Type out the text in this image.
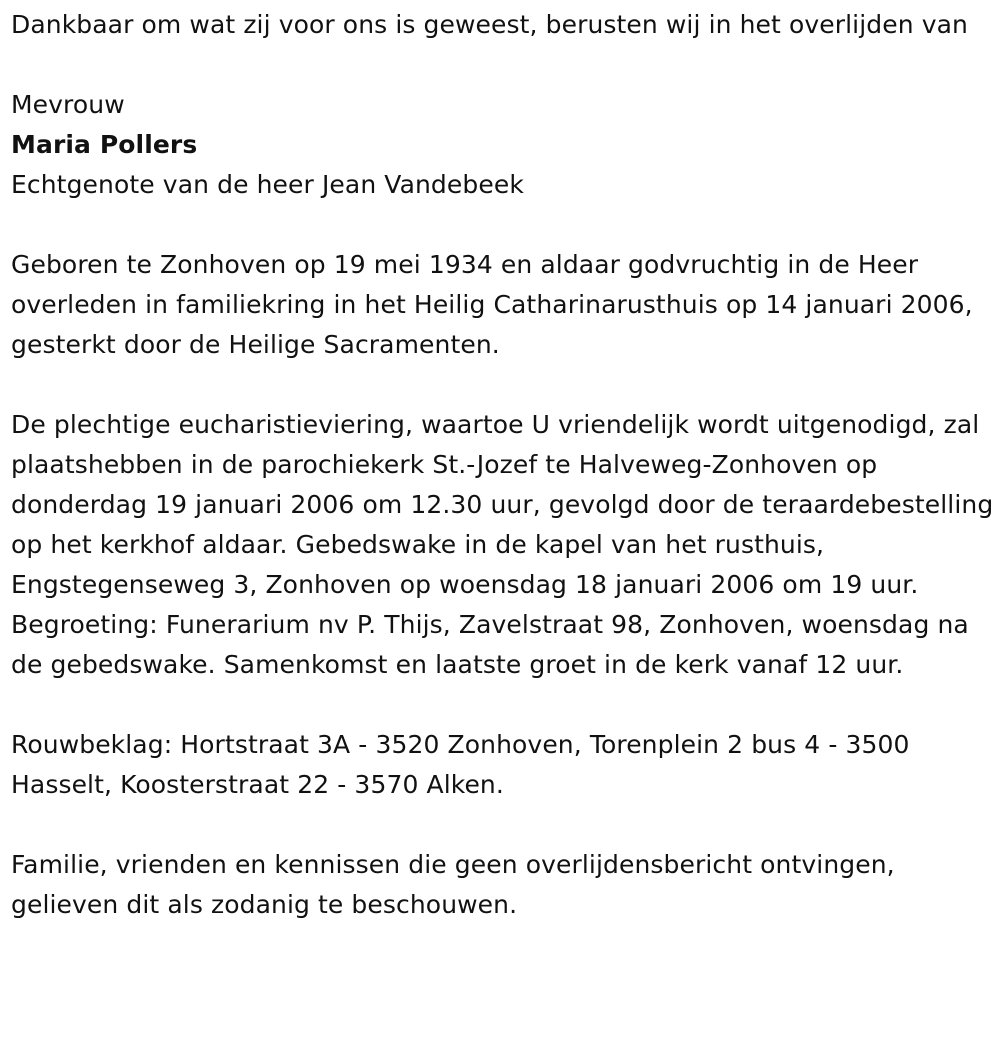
Dankbaar om wat zij voor ons is geweest, berusten wij in het overlijden van

Mevrouw

Maria Pollers

Echtgenote van de heer Jean Vandebeek

Geboren te Zonhoven op 19 mei 1934 en aldaar godvruchtig in de Heer overleden in familiekring in het Heilig Catharinarusthuis op 14 januari 2006, gesterkt door de Heilige Sacramenten.

De plechtige eucharistieviering, waartoe U vriendelijk wordt uitgenodigd, zal plaatshebben in de parochiekerk St.-Jozef te Halveweg-Zonhoven op donderdag 19 januari 2006 om 12.30 uur, gevolgd door de teraardebestelling op het kerkhof aldaar. Gebedswake in de kapel van het rusthuis, Engstegenseweg 3, Zonhoven op woensdag 18 januari 2006 om 19 uur. Begroeting: Funerarium nv P. Thijs, Zavelstraat 98, Zonhoven, woensdag na de gebedswake. Samenkomst en laatste groet in de kerk vanaf 12 uur.

Rouwbeklag: Hortstraat 3A - 3520 Zonhoven, Torenplein 2 bus 4 - 3500 Hasselt, Koosterstraat 22 - 3570 Alken.

Familie, vrienden en kennissen die geen overlijdensbericht ontvingen, gelieven dit als zodanig te beschouwen.
